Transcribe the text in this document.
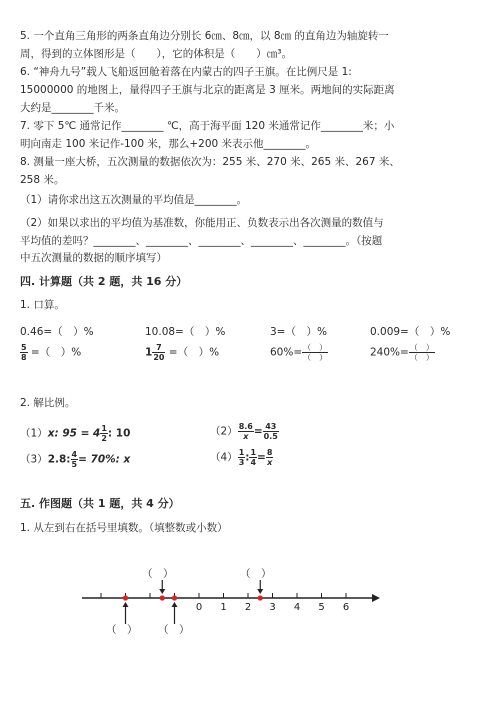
5. 一个直角三角形的两条直角边分别长 6㎝、8㎝，以 8㎝ 的直角边为轴旋转一
周，得到的立体图形是（　　），它的体积是（　　）㎝³。
6. “神舟九号”载人飞船返回舱着落在内蒙古的四子王旗。在比例尺是 1:
15000000 的地图上，量得四子王旗与北京的距离是 3 厘米。两地间的实际距离
大约是________千米。
7. 零下 5℃ 通常记作________ ℃，高于海平面 120 米通常记作________米；小
明向南走 100 米记作-100 米，那么+200 米表示他________。
8. 测量一座大桥，五次测量的数据依次为：255 米、270 米、265 米、267 米、
258 米。
（1）请你求出这五次测量的平均值是________。
（2）如果以求出的平均值为基准数，你能用正、负数表示出各次测量的数值与
平均值的差吗？________、________、________、________、________。（按题
中五次测量的数据的顺序填写）
四. 计算题（共 2 题，共 16 分）
1. 口算。
0.46=（　）%	10.08=（　）%	3=（　）%	0.009=（　）%
$\frac{5}{8}$ =（　）%	$1 \frac{7}{20}$ =（　）%	$60\%= \frac{( )}{( )}$	$240\%= \frac{( )}{( )}$
2. 解比例。
（1）x: $95 = 4 \frac{1}{2}$ : 10	$(2) \frac{8.6}{x} = \frac{43}{0.5}$
（3）2.8: $\frac{4}{5} = 70\%$: x	$(4) \frac{1}{3}$ : $\frac{1}{4} = \frac{8}{x}$
五. 作图题（共 1 题，共 4 分）
1. 从左到右在括号里填数。（填整数或小数）
（　）	（　）
（　） （　）
0 1 2 3 4 5 6
